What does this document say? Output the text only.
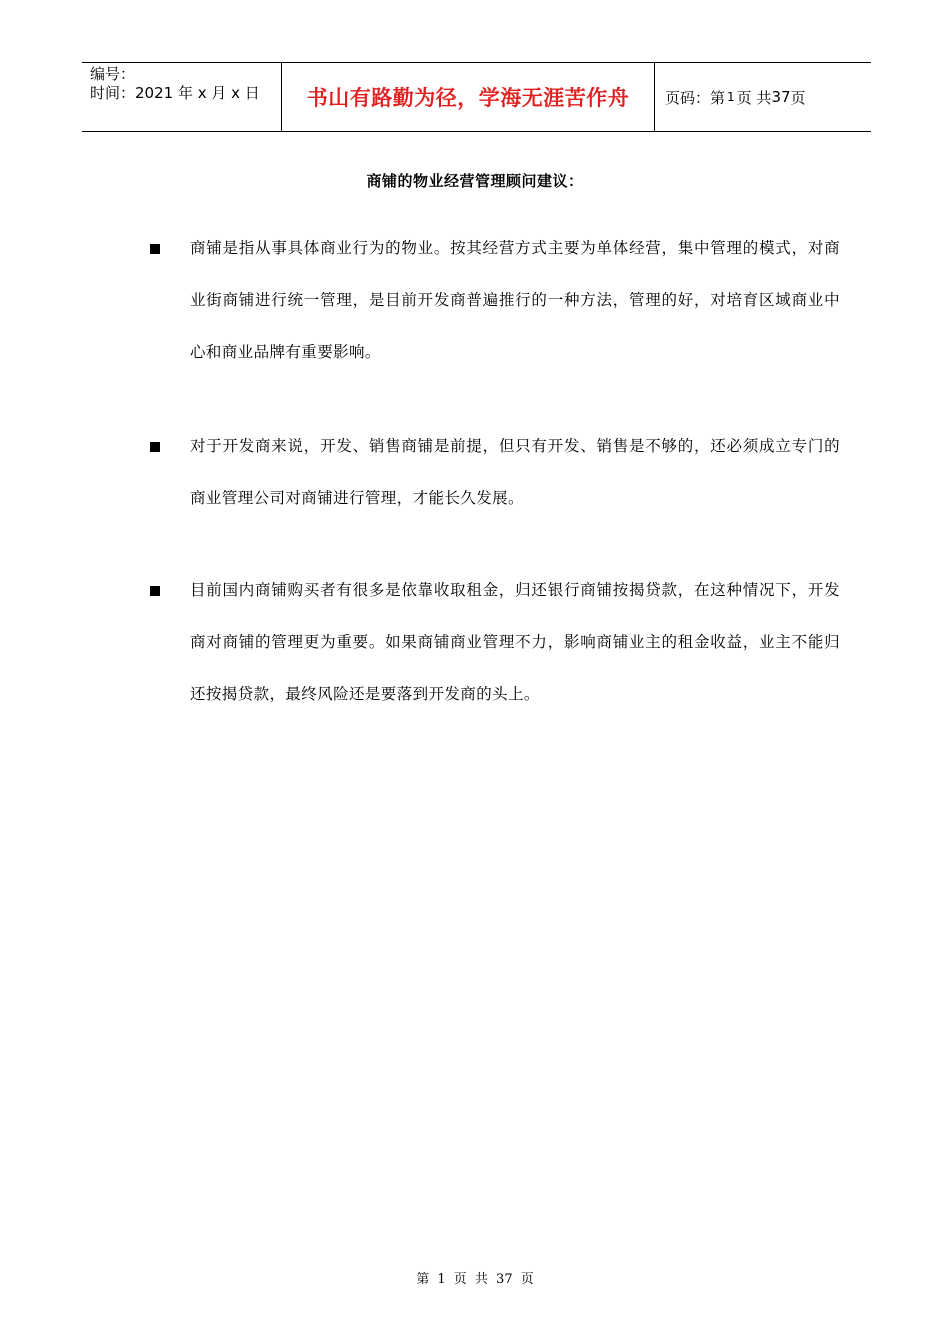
编号：
时间：2021 年 x 月 x 日	书山有路勤为径，学海无涯苦作舟 页码：第 1 页 共 37 页
商铺的物业经营管理顾问建议：
商铺是指从事具体商业行为的物业。按其经营方式主要为单体经营，集中管理的模式，对商业街商铺进行统一管理，是目前开发商普遍推行的一种方法，管理的好，对培育区域商业中心和商业品牌有重要影响。
对于开发商来说，开发、销售商铺是前提，但只有开发、销售是不够的，还必须成立专门的商业管理公司对商铺进行管理，才能长久发展。
目前国内商铺购买者有很多是依靠收取租金，归还银行商铺按揭贷款，在这种情况下，开发商对商铺的管理更为重要。如果商铺商业管理不力，影响商铺业主的租金收益，业主不能归还按揭贷款，最终风险还是要落到开发商的头上。
第 1 页 共 37 页
